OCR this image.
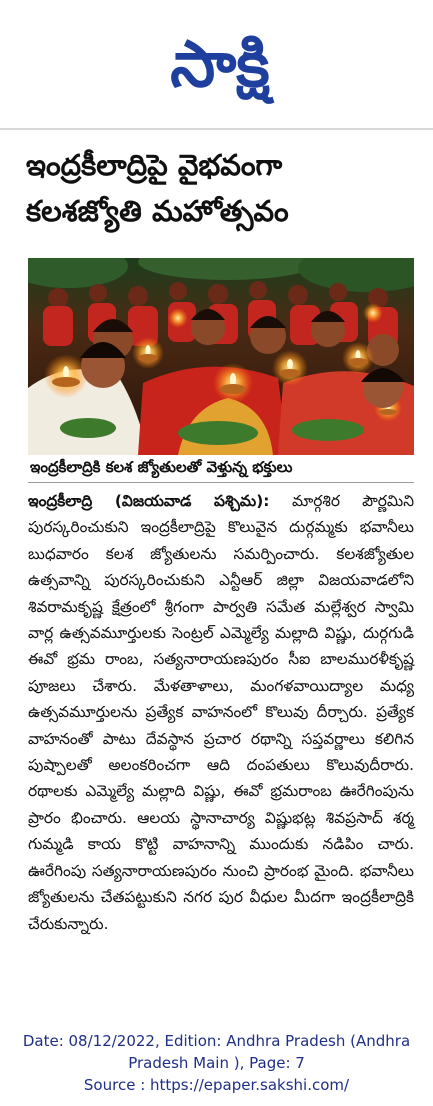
సాక్షి
ఇంద్రకీలాద్రిపై వైభవంగా
కలశజ్యోతి మహోత్సవం
ఇంద్రకీలాద్రికి కలశ జ్యోతులతో వెళ్తున్న భక్తులు
ఇంద్రకీలాద్రి (విజయవాడ పశ్చిమ): మార్గశిర పౌర్ణమిని పురస్కరించుకుని ఇంద్రకీలాద్రిపై కొలువైన దుర్గమ్మకు భవానీలు బుధవారం కలశ జ్యోతులను సమర్పించారు. కలశజ్యోతుల ఉత్సవాన్ని పురస్కరించుకుని ఎన్టీఆర్‌ జిల్లా విజయవాడలోని శివరామకృష్ణ క్షేత్రంలో శ్రీగంగా పార్వతి సమేత మల్లేశ్వర స్వామి వార్ల ఉత్సవమూర్తులకు సెంట్రల్‌ ఎమ్మెల్యే మల్లాది విష్ణు, దుర్గగుడి ఈవో భ్రమ రాంబ, సత్యనారాయణపురం సీఐ బాలమురళీకృష్ణ పూజలు చేశారు. మేళతాళాలు, మంగళవాయిద్యాల మధ్య ఉత్సవమూర్తులను ప్రత్యేక వాహనంలో కొలువు దీర్చారు. ప్రత్యేక వాహనంతో పాటు దేవస్థాన ప్రచార రథాన్ని సప్తవర్ణాలు కలిగిన పుష్పాలతో అలంకరించగా ఆది దంపతులు కొలువుదీరారు. రథాలకు ఎమ్మెల్యే మల్లాది విష్ణు, ఈవో భ్రమరాంబ ఊరేగింపును ప్రారం భించారు. ఆలయ స్థానాచార్య విష్ణుభట్ల శివప్రసాద్‌ శర్మ గుమ్మడి కాయ కొట్టి వాహనాన్ని ముందుకు నడిపిం చారు. ఊరేగింపు సత్యనారాయణపురం నుంచి ప్రారంభ మైంది. భవానీలు జ్యోతులను చేతపట్టుకుని నగర పుర వీధుల మీదగా ఇంద్రకీలాద్రికి చేరుకున్నారు.
Date: 08/12/2022, Edition: Andhra Pradesh (Andhra Pradesh Main ), Page: 7
Source : https://epaper.sakshi.com/
